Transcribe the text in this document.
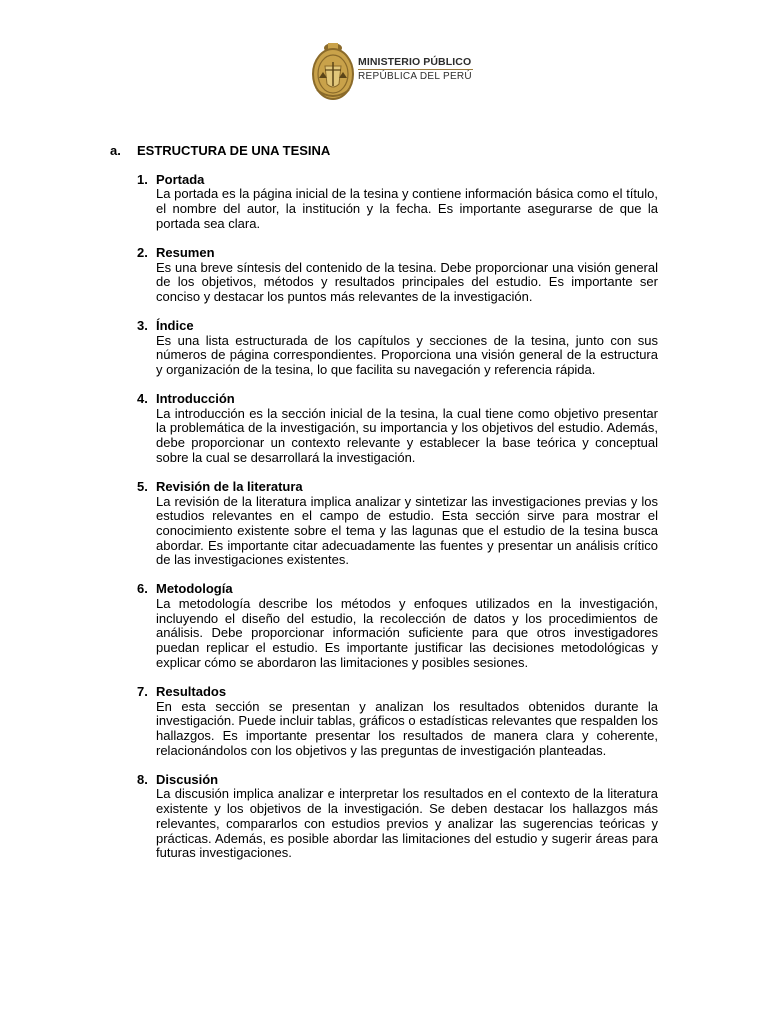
MINISTERIO PÚBLICO
REPÚBLICA DEL PERÚ
a.	ESTRUCTURA DE UNA TESINA
1. Portada

La portada es la página inicial de la tesina y contiene información básica como el título, el nombre del autor, la institución y la fecha. Es importante asegurarse de que la portada sea clara.

2. Resumen

Es una breve síntesis del contenido de la tesina. Debe proporcionar una visión general de los objetivos, métodos y resultados principales del estudio. Es importante ser conciso y destacar los puntos más relevantes de la investigación.

3. Índice

Es una lista estructurada de los capítulos y secciones de la tesina, junto con sus números de página correspondientes. Proporciona una visión general de la estructura y organización de la tesina, lo que facilita su navegación y referencia rápida.

4. Introducción

La introducción es la sección inicial de la tesina, la cual tiene como objetivo presentar la problemática de la investigación, su importancia y los objetivos del estudio. Además, debe proporcionar un contexto relevante y establecer la base teórica y conceptual sobre la cual se desarrollará la investigación.

5. Revisión de la literatura

La revisión de la literatura implica analizar y sintetizar las investigaciones previas y los estudios relevantes en el campo de estudio. Esta sección sirve para mostrar el conocimiento existente sobre el tema y las lagunas que el estudio de la tesina busca abordar. Es importante citar adecuadamente las fuentes y presentar un análisis crítico de las investigaciones existentes.

6. Metodología

La metodología describe los métodos y enfoques utilizados en la investigación, incluyendo el diseño del estudio, la recolección de datos y los procedimientos de análisis. Debe proporcionar información suficiente para que otros investigadores puedan replicar el estudio. Es importante justificar las decisiones metodológicas y explicar cómo se abordaron las limitaciones y posibles sesiones.

7. Resultados

En esta sección se presentan y analizan los resultados obtenidos durante la investigación. Puede incluir tablas, gráficos o estadísticas relevantes que respalden los hallazgos. Es importante presentar los resultados de manera clara y coherente, relacionándolos con los objetivos y las preguntas de investigación planteadas.

8. Discusión

La discusión implica analizar e interpretar los resultados en el contexto de la literatura existente y los objetivos de la investigación. Se deben destacar los hallazgos más relevantes, compararlos con estudios previos y analizar las sugerencias teóricas y prácticas. Además, es posible abordar las limitaciones del estudio y sugerir áreas para futuras investigaciones.
